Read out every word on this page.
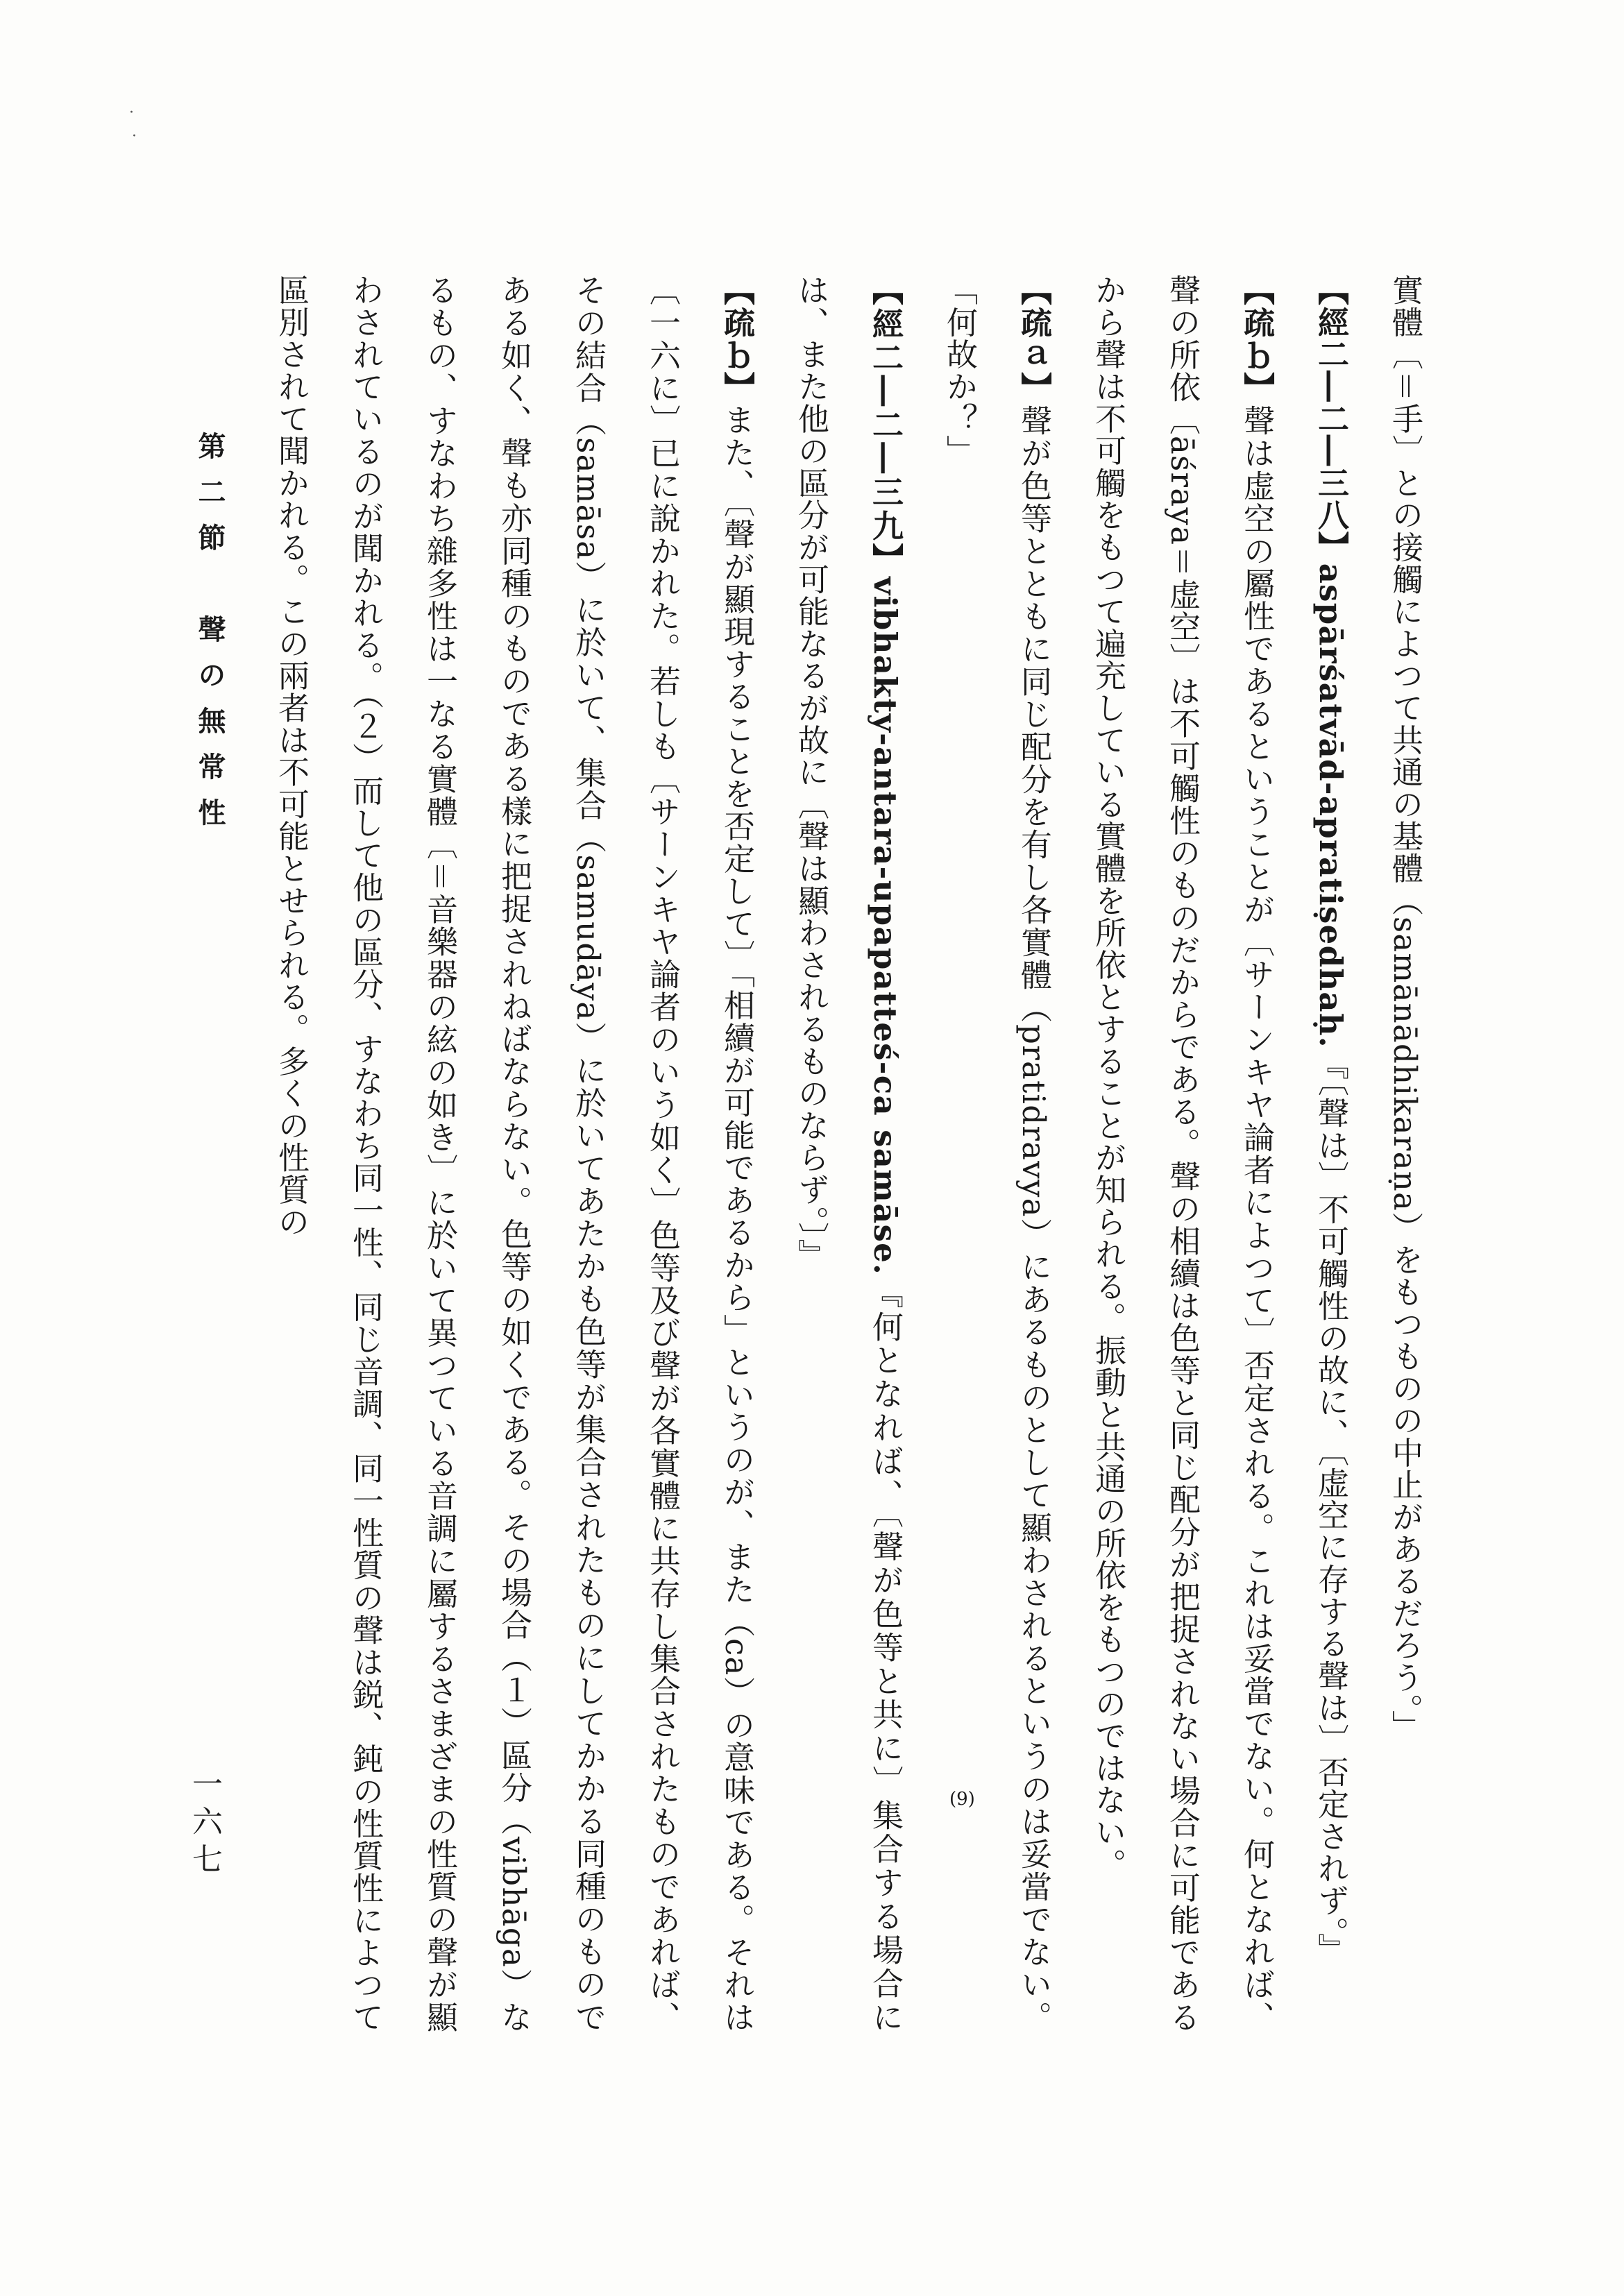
·
·

實體〔＝手〕との接觸によつて共通の基體（samānādhikaraṇa）をもつものの中止があるだろう。」

【經二―二―三八】aspārśatvād-apratiṣedhaḥ.『〔聲は〕不可觸性の故に、〔虚空に存する聲は〕否定されず。』

【疏ｂ】聲は虚空の屬性であるということが〔サーンキヤ論者によつて〕否定される。これは妥當でない。何となれば、聲の所依〔āśraya＝虚空〕は不可觸性のものだからである。聲の相續は色等と同じ配分が把捉されない場合に可能であるから聲は不可觸をもつて遍充している實體を所依とすることが知られる。振動と共通の所依をもつのではない。

【疏ａ】聲が色等とともに同じ配分を有し各實體（pratidravya）にあるものとして顯わされるというのは妥當でない。「何故か？」

【經二―二―三九】vibhakty-antara-upapatteś-ca samāse.『何となれば、〔聲が色等と共に〕集合する場合には、また他の區分が可能なるが故に〔聲は顯わされるものならず。〕』

【疏ｂ】また、〔聲が顯現することを否定して〕「相續が可能であるから」というのが、また（ca）の意味である。それは〔一六に〕已に說かれた。若しも〔サーンキヤ論者のいう如く〕色等及び聲が各實體に共存し集合されたものであれば、その結合（samāsa）に於いて、集合（samudāya）に於いてあたかも色等が集合されたものにしてかかる同種のものである如く、聲も亦同種のものである樣に把捉されねばならない。色等の如くである。その場合（１）區分（vibhāga）なるもの、すなわち雜多性は一なる實體〔＝音樂器の絃の如き〕に於いて異つている音調に屬するさまざまの性質の聲が顯わされているのが聞かれる。（２）而して他の區分、すなわち同一性、同じ音調、同一性質の聲は鋭、鈍の性質性によつて區別されて聞かれる。この兩者は不可能とせられる。多くの性質の

(9)
一六七
第二節　聲の無常性
